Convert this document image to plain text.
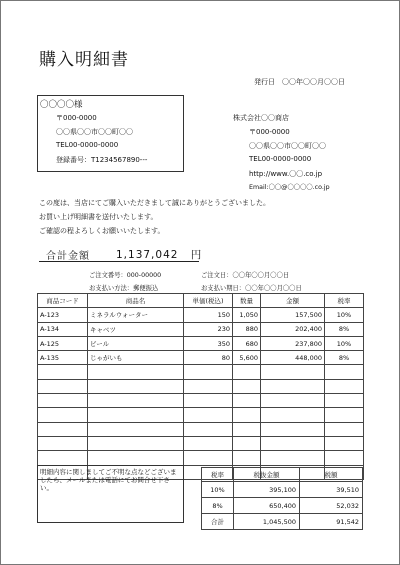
購入明細書
発行日　〇〇年〇〇月〇〇日
〇〇〇〇様
〒000-0000
〇〇県〇〇市〇〇町〇〇
TEL00-0000-0000
登録番号：T1234567890---
株式会社〇〇商店
〒000-0000
〇〇県〇〇市〇〇町〇〇
TEL00-0000-0000
http://www.〇〇.co.jp
Email:〇〇@〇〇〇〇.co.jp
この度は、当店にてご購入いただきまして誠にありがとうございました。
お買い上げ明細書を送付いたします。
ご確認の程よろしくお願いいたします。
合計金額 1,137,042 円
ご注文番号：000-00000	ご注文日：〇〇年〇〇月〇〇日
お支払い方法：郵便振込	お支払い期日：〇〇年〇〇月〇〇日
商品コード	商品名	単価(税込)	数量	金額	税率
A-123	ミネラルウォーター	150	1,050	157,500	10%
A-134	キャベツ	230	880	202,400	8%
A-125	ビール	350	680	237,800	10%
A-135	じゃがいも	80	5,600	448,000	8%

明細内容に関しましてご不明な点などございましたら、メールまたは電話にてお問合せ下さい。
税率	税抜金額	税額
10%	395,100	39,510
8%	650,400	52,032
合計	1,045,500	91,542
